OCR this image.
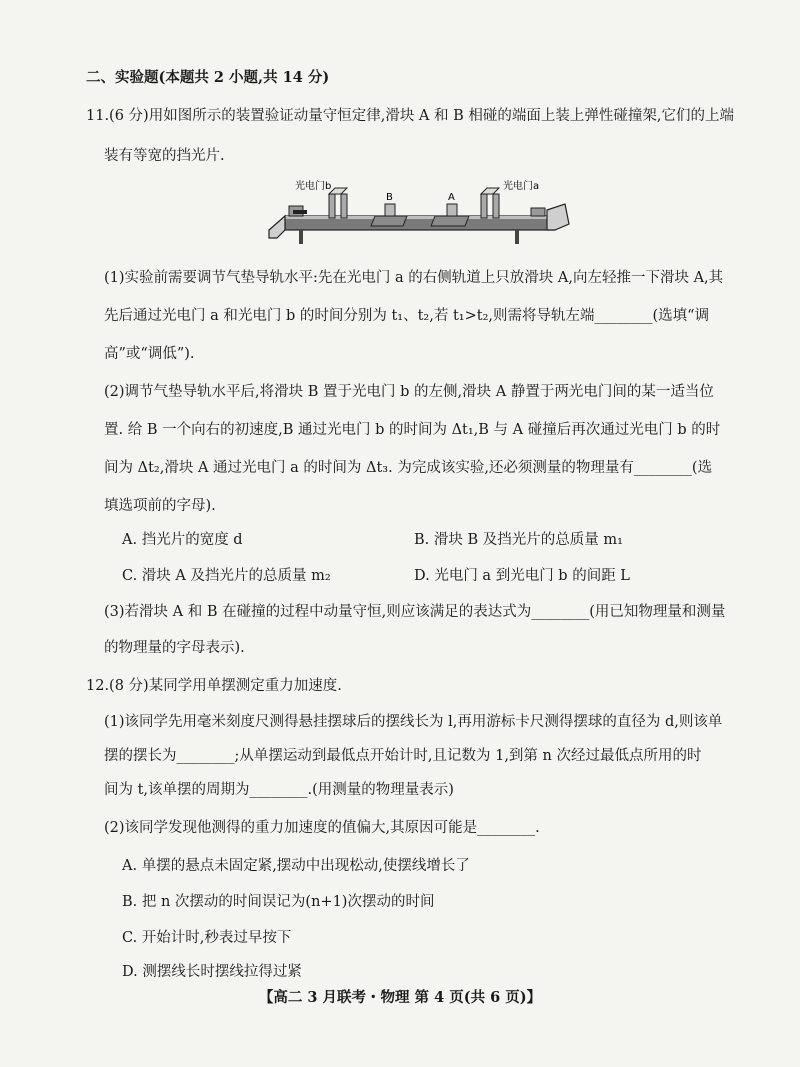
二、实验题(本题共 2 小题,共 14 分)
11.(6 分)用如图所示的装置验证动量守恒定律,滑块 A 和 B 相碰的端面上装上弹性碰撞架,它们的上端
装有等宽的挡光片.
光电门b
B	A
光电门a
(1)实验前需要调节气垫导轨水平:先在光电门 a 的右侧轨道上只放滑块 A,向左轻推一下滑块 A,其
先后通过光电门 a 和光电门 b 的时间分别为 t₁、t₂,若 t₁>t₂,则需将导轨左端________(选填“调
高”或“调低”).
(2)调节气垫导轨水平后,将滑块 B 置于光电门 b 的左侧,滑块 A 静置于两光电门间的某一适当位
置. 给 B 一个向右的初速度,B 通过光电门 b 的时间为 Δt₁,B 与 A 碰撞后再次通过光电门 b 的时
间为 Δt₂,滑块 A 通过光电门 a 的时间为 Δt₃. 为完成该实验,还必须测量的物理量有________(选
填选项前的字母).
A. 挡光片的宽度 d	B. 滑块 B 及挡光片的总质量 m₁
C. 滑块 A 及挡光片的总质量 m₂	D. 光电门 a 到光电门 b 的间距 L
(3)若滑块 A 和 B 在碰撞的过程中动量守恒,则应该满足的表达式为________(用已知物理量和测量
的物理量的字母表示).
12.(8 分)某同学用单摆测定重力加速度.
(1)该同学先用毫米刻度尺测得悬挂摆球后的摆线长为 l,再用游标卡尺测得摆球的直径为 d,则该单
摆的摆长为________;从单摆运动到最低点开始计时,且记数为 1,到第 n 次经过最低点所用的时
间为 t,该单摆的周期为________.(用测量的物理量表示)
(2)该同学发现他测得的重力加速度的值偏大,其原因可能是________.
A. 单摆的悬点未固定紧,摆动中出现松动,使摆线增长了
B. 把 n 次摆动的时间误记为(n+1)次摆动的时间
C. 开始计时,秒表过早按下
D. 测摆线长时摆线拉得过紧
【高二 3 月联考・物理 第 4 页(共 6 页)】
